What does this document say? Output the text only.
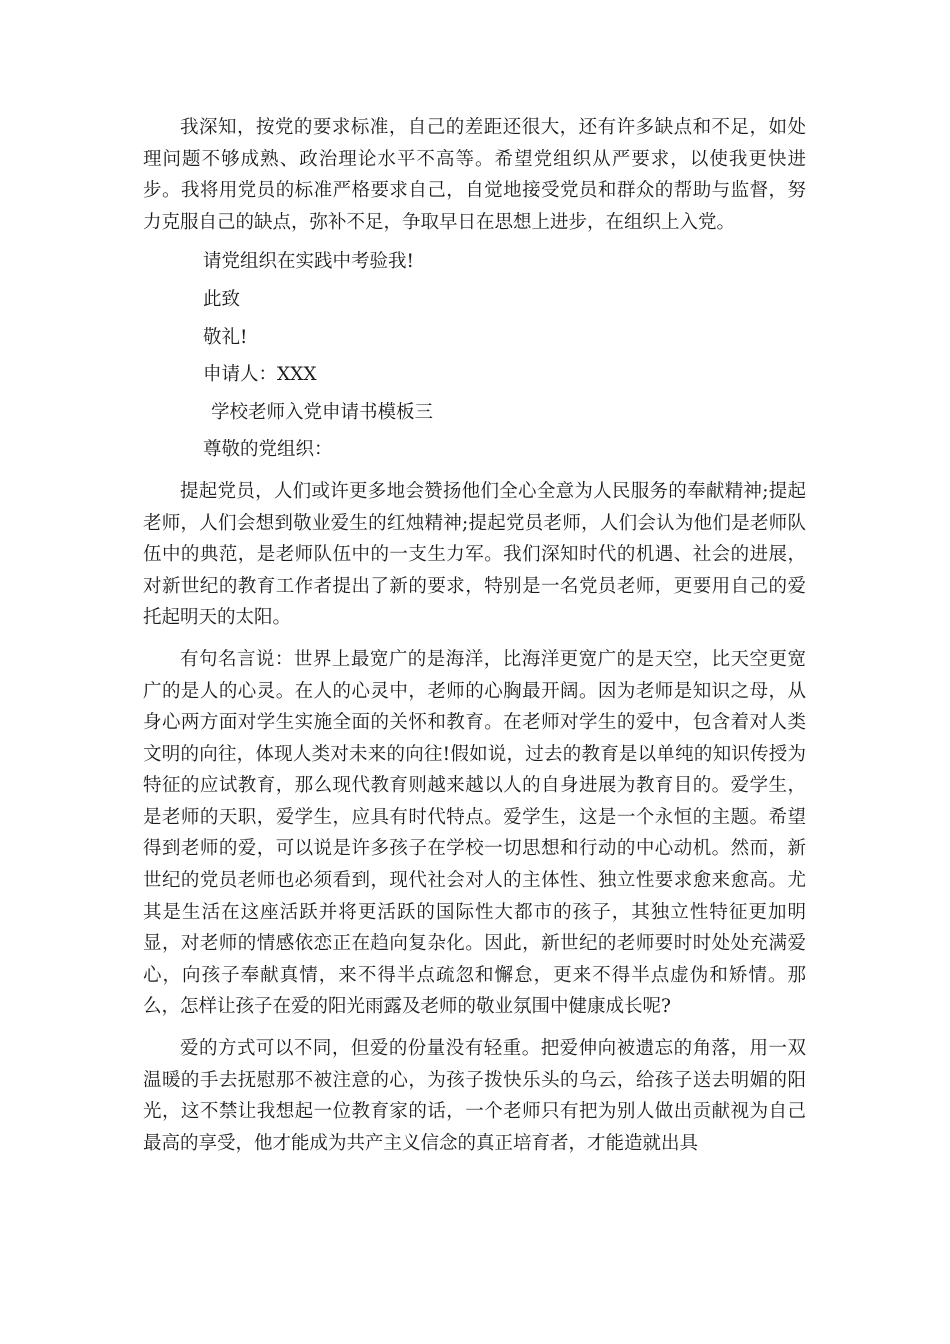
我深知，按党的要求标准，自己的差距还很大，还有许多缺点和不足，如处理问题不够成熟、政治理论水平不高等。希望党组织从严要求，以使我更快进步。我将用党员的标准严格要求自己，自觉地接受党员和群众的帮助与监督，努力克服自己的缺点，弥补不足，争取早日在思想上进步，在组织上入党。

请党组织在实践中考验我!

此致

敬礼!

申请人：XXX

学校老师入党申请书模板三

尊敬的党组织：

提起党员，人们或许更多地会赞扬他们全心全意为人民服务的奉献精神;提起老师，人们会想到敬业爱生的红烛精神;提起党员老师，人们会认为他们是老师队伍中的典范，是老师队伍中的一支生力军。我们深知时代的机遇、社会的进展，对新世纪的教育工作者提出了新的要求，特别是一名党员老师，更要用自己的爱托起明天的太阳。

有句名言说：世界上最宽广的是海洋，比海洋更宽广的是天空，比天空更宽广的是人的心灵。在人的心灵中，老师的心胸最开阔。因为老师是知识之母，从身心两方面对学生实施全面的关怀和教育。在老师对学生的爱中，包含着对人类文明的向往，体现人类对未来的向往!假如说，过去的教育是以单纯的知识传授为特征的应试教育，那么现代教育则越来越以人的自身进展为教育目的。爱学生，是老师的天职，爱学生，应具有时代特点。爱学生，这是一个永恒的主题。希望得到老师的爱，可以说是许多孩子在学校一切思想和行动的中心动机。然而，新世纪的党员老师也必须看到，现代社会对人的主体性、独立性要求愈来愈高。尤其是生活在这座活跃并将更活跃的国际性大都市的孩子，其独立性特征更加明显，对老师的情感依恋正在趋向复杂化。因此，新世纪的老师要时时处处充满爱心，向孩子奉献真情，来不得半点疏忽和懈怠，更来不得半点虚伪和矫情。那么，怎样让孩子在爱的阳光雨露及老师的敬业氛围中健康成长呢?

爱的方式可以不同，但爱的份量没有轻重。把爱伸向被遗忘的角落，用一双温暖的手去抚慰那不被注意的心，为孩子拨快乐头的乌云，给孩子送去明媚的阳光，这不禁让我想起一位教育家的话，一个老师只有把为别人做出贡献视为自己最高的享受，他才能成为共产主义信念的真正培育者，才能造就出具
